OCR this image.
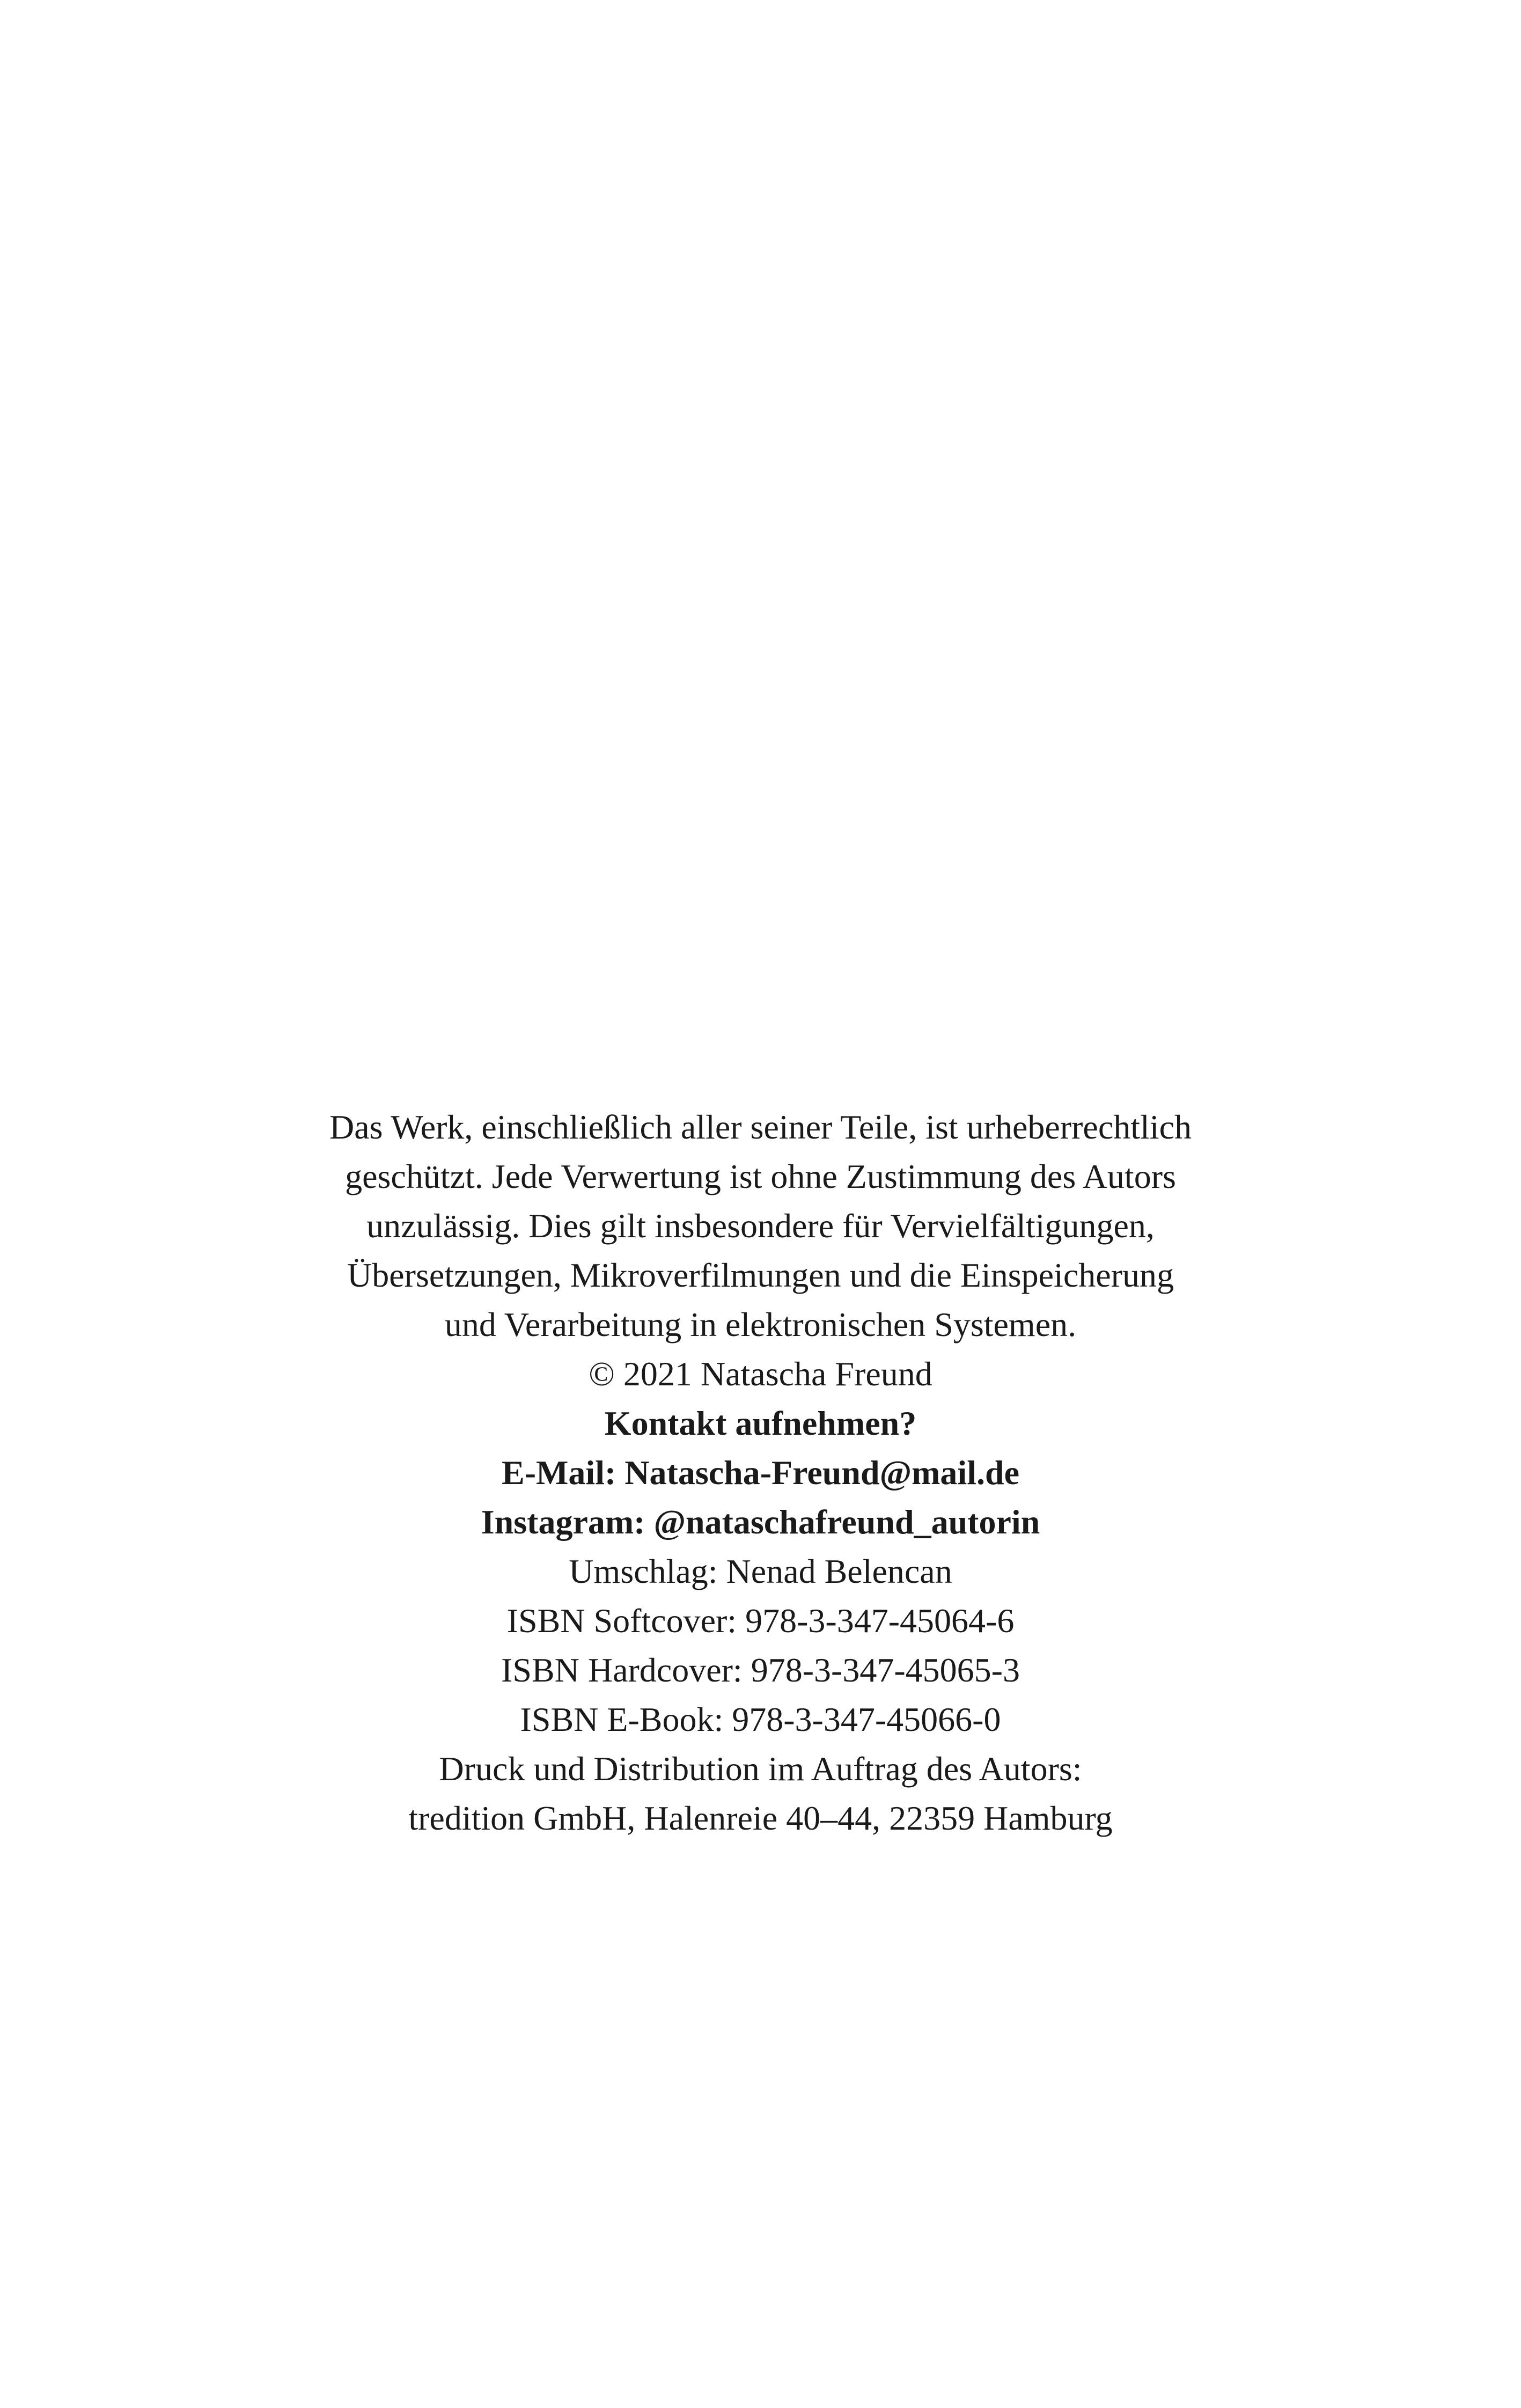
Das Werk, einschließlich aller seiner Teile, ist urheberrechtlich
geschützt. Jede Verwertung ist ohne Zustimmung des Autors
unzulässig. Dies gilt insbesondere für Vervielfältigungen,
Übersetzungen, Mikroverfilmungen und die Einspeicherung
und Verarbeitung in elektronischen Systemen.

© 2021 Natascha Freund

Kontakt aufnehmen?
E-Mail: Natascha-Freund@mail.de
Instagram: @nataschafreund_autorin

Umschlag: Nenad Belencan

ISBN Softcover: 978-3-347-45064-6
ISBN Hardcover: 978-3-347-45065-3
ISBN E-Book: 978-3-347-45066-0

Druck und Distribution im Auftrag des Autors:
tredition GmbH, Halenreie 40–44, 22359 Hamburg
